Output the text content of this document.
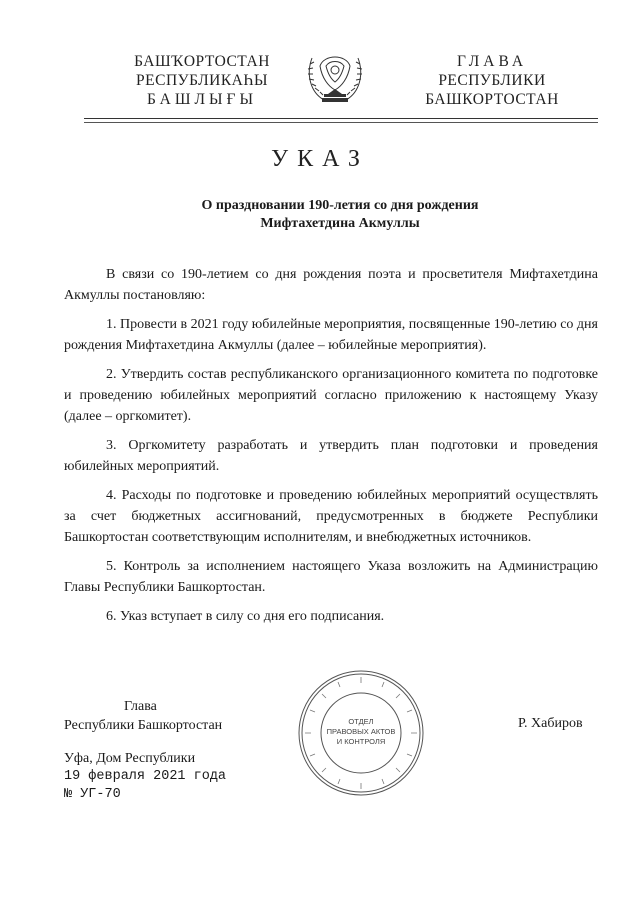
БАШҠОРТОСТАН
РЕСПУБЛИКАҺЫ
БАШЛЫҒЫ
ГЛАВА
РЕСПУБЛИКИ
БАШКОРТОСТАН
УКАЗ
О праздновании 190-летия со дня рождения
Мифтахетдина Акмуллы

В связи со 190-летием со дня рождения поэта и просветителя Мифтахетдина Акмуллы постановляю:

1. Провести в 2021 году юбилейные мероприятия, посвященные 190-летию со дня рождения Мифтахетдина Акмуллы (далее – юбилейные мероприятия).

2. Утвердить состав республиканского организационного комитета по подготовке и проведению юбилейных мероприятий согласно приложению к настоящему Указу (далее – оргкомитет).

3. Оргкомитету разработать и утвердить план подготовки и проведения юбилейных мероприятий.

4. Расходы по подготовке и проведению юбилейных мероприятий осуществлять за счет бюджетных ассигнований, предусмотренных в бюджете Республики Башкортостан соответствующим исполнителям, и внебюджетных источников.

5. Контроль за исполнением настоящего Указа возложить на Администрацию Главы Республики Башкортостан.

6. Указ вступает в силу со дня его подписания.

Глава
Республики Башкортостан	ОТДЕЛ
ПРАВОВЫХ АКТОВ
И КОНТРОЛЯ
Р. Хабиров
Уфа, Дом Республики
19 февраля 2021 года
№ УГ-70
